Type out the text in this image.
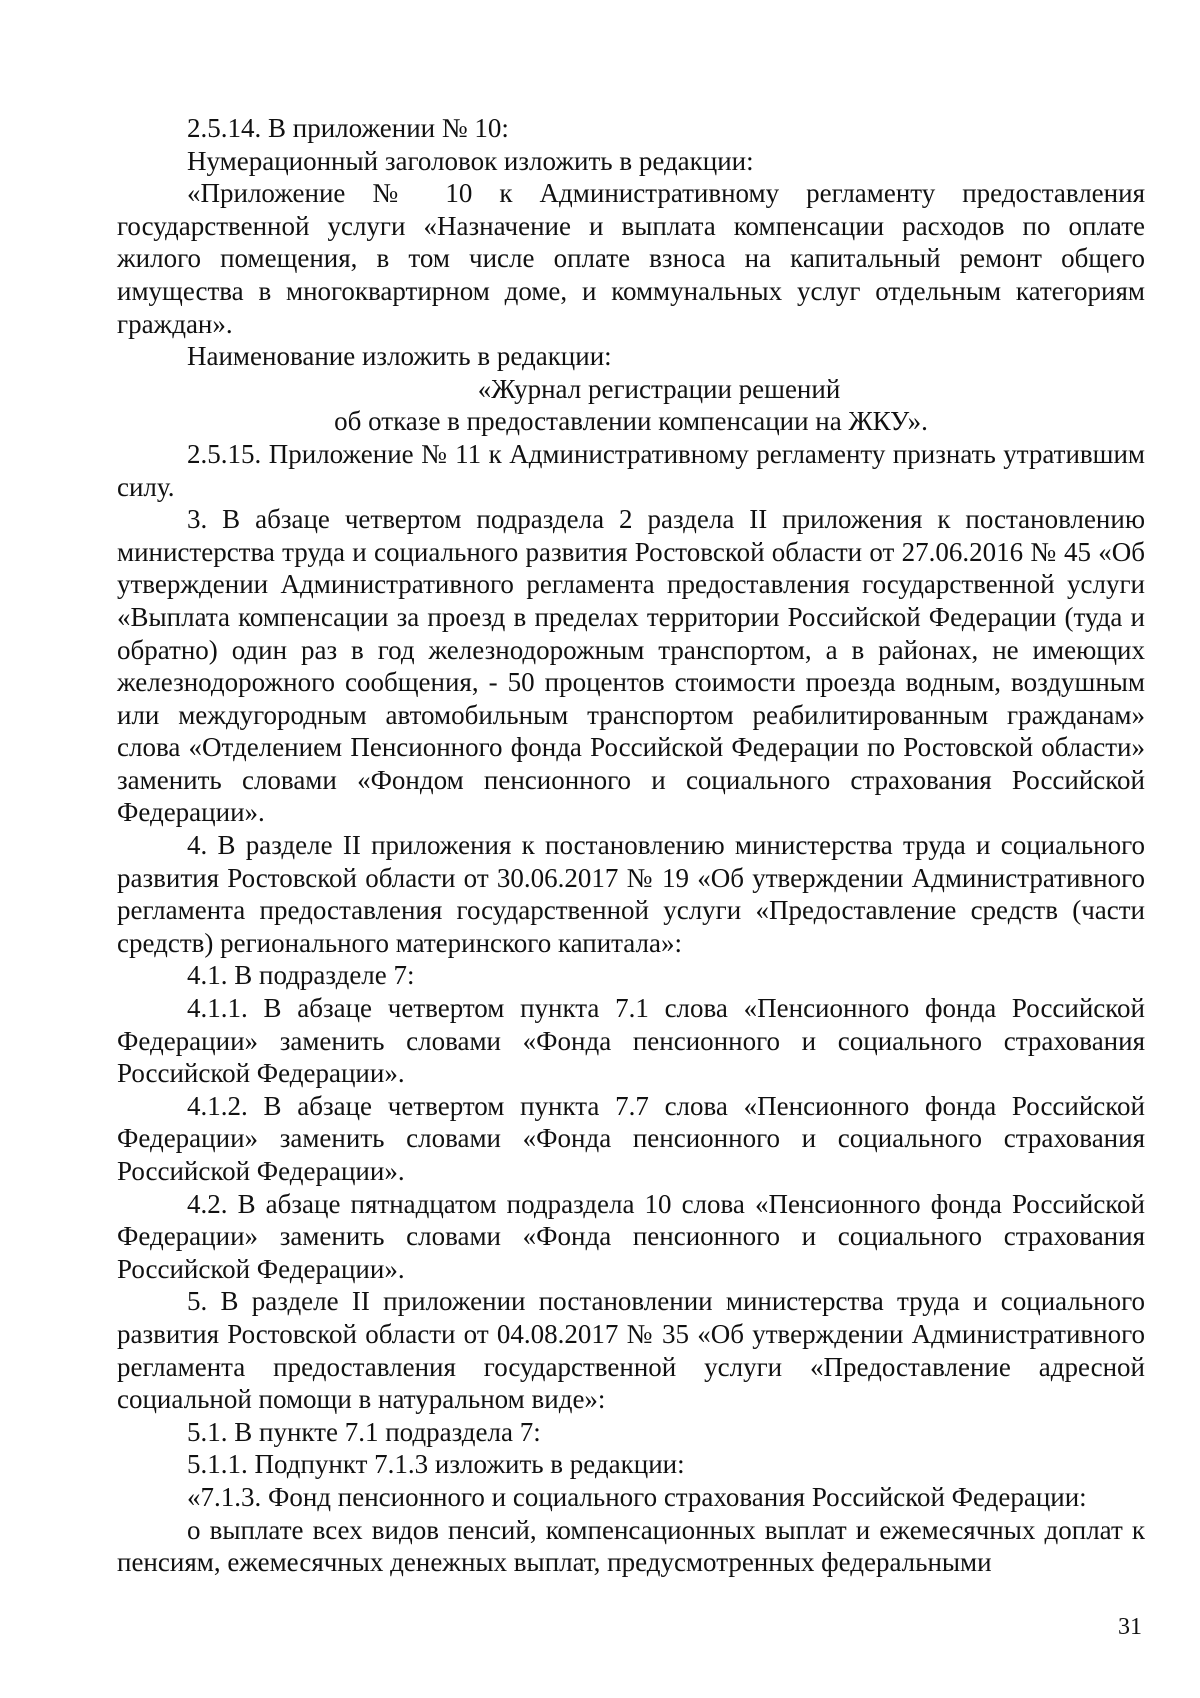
2.5.14. В приложении № 10:

Нумерационный заголовок изложить в редакции:

«Приложение № 10 к Административному регламенту предоставления государственной услуги «Назначение и выплата компенсации расходов по оплате жилого помещения, в том числе оплате взноса на капитальный ремонт общего имущества в многоквартирном доме, и коммунальных услуг отдельным категориям граждан».

Наименование изложить в редакции:

«Журнал регистрации решений

об отказе в предоставлении компенсации на ЖКУ».

2.5.15. Приложение № 11 к Административному регламенту признать утратившим силу.

3. В абзаце четвертом подраздела 2 раздела II приложения к постановлению министерства труда и социального развития Ростовской области от 27.06.2016 № 45 «Об утверждении Административного регламента предоставления государственной услуги «Выплата компенсации за проезд в пределах территории Российской Федерации (туда и обратно) один раз в год железнодорожным транспортом, а в районах, не имеющих железнодорожного сообщения, - 50 процентов стоимости проезда водным, воздушным или междугородным автомобильным транспортом реабилитированным гражданам» слова «Отделением Пенсионного фонда Российской Федерации по Ростовской области» заменить словами «Фондом пенсионного и социального страхования Российской Федерации».

4. В разделе II приложения к постановлению министерства труда и социального развития Ростовской области от 30.06.2017 № 19 «Об утверждении Административного регламента предоставления государственной услуги «Предоставление средств (части средств) регионального материнского капитала»:

4.1. В подразделе 7:

4.1.1. В абзаце четвертом пункта 7.1 слова «Пенсионного фонда Российской Федерации» заменить словами «Фонда пенсионного и социального страхования Российской Федерации».

4.1.2. В абзаце четвертом пункта 7.7 слова «Пенсионного фонда Российской Федерации» заменить словами «Фонда пенсионного и социального страхования Российской Федерации».

4.2. В абзаце пятнадцатом подраздела 10 слова «Пенсионного фонда Российской Федерации» заменить словами «Фонда пенсионного и социального страхования Российской Федерации».

5. В разделе II приложении постановлении министерства труда и социального развития Ростовской области от 04.08.2017 № 35 «Об утверждении Административного регламента предоставления государственной услуги «Предоставление адресной социальной помощи в натуральном виде»:

5.1. В пункте 7.1 подраздела 7:

5.1.1. Подпункт 7.1.3 изложить в редакции:

«7.1.3. Фонд пенсионного и социального страхования Российской Федерации:

о выплате всех видов пенсий, компенсационных выплат и ежемесячных доплат к пенсиям, ежемесячных денежных выплат, предусмотренных федеральными

31
